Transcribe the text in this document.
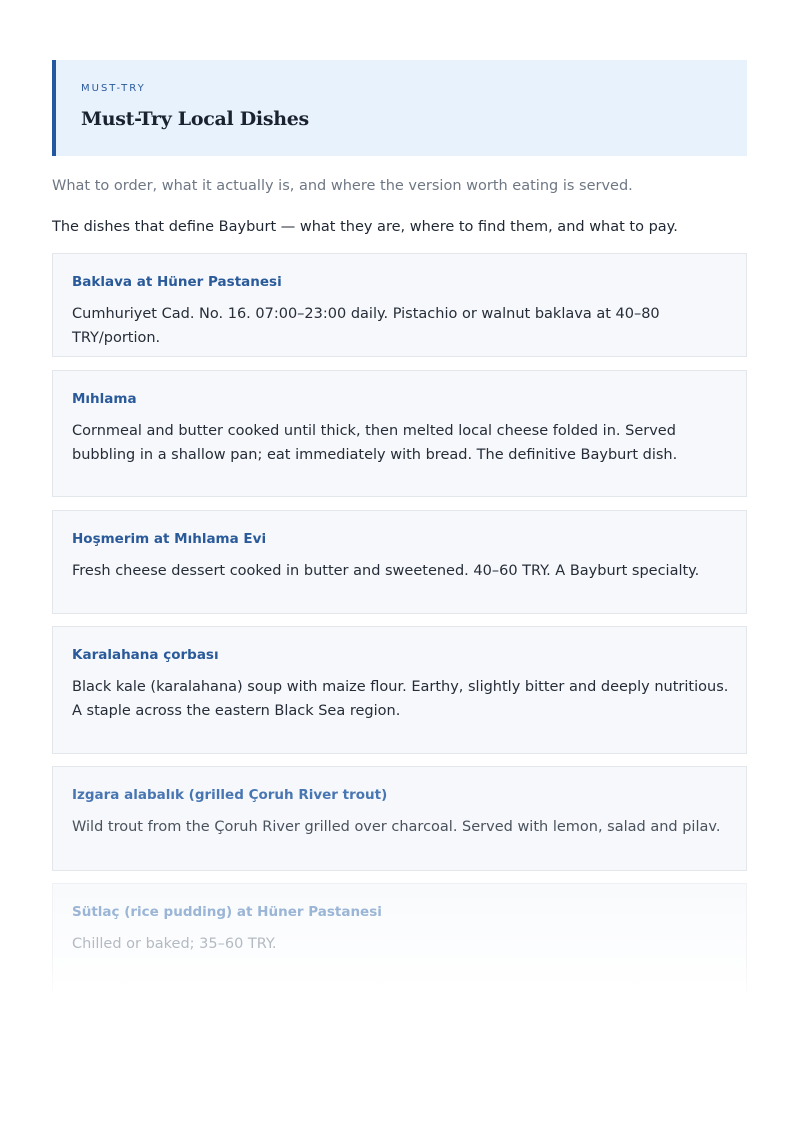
MUST-TRY
Must-Try Local Dishes
What to order, what it actually is, and where the version worth eating is served.
The dishes that define Bayburt — what they are, where to find them, and what to pay.
Baklava at Hüner Pastanesi
Cumhuriyet Cad. No. 16. 07:00–23:00 daily. Pistachio or walnut baklava at 40–80 TRY/portion.
Mıhlama
Cornmeal and butter cooked until thick, then melted local cheese folded in. Served bubbling in a shallow pan; eat immediately with bread. The definitive Bayburt dish.
Hoşmerim at Mıhlama Evi
Fresh cheese dessert cooked in butter and sweetened. 40–60 TRY. A Bayburt specialty.
Karalahana çorbası
Black kale (karalahana) soup with maize flour. Earthy, slightly bitter and deeply nutritious. A staple across the eastern Black Sea region.
Izgara alabalık (grilled Çoruh River trout)
Wild trout from the Çoruh River grilled over charcoal. Served with lemon, salad and pilav.
Sütlaç (rice pudding) at Hüner Pastanesi
Chilled or baked; 35–60 TRY.
